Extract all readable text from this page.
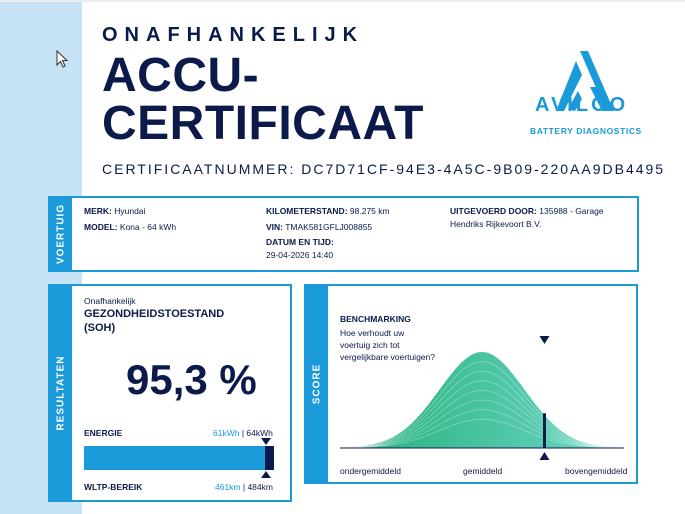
ONAFHANKELIJK
ACCU-
CERTIFICAAT
CERTIFICAATNUMMER: DC7D71CF-94E3-4A5C-9B09-220AA9DB4495
AVILOO
BATTERY DIAGNOSTICS
VOERTUIG MERK: Hyundai
MODEL: Kona - 64 kWh
KILOMETERSTAND: 98.275 km
VIN: TMAK581GFLJ008855
DATUM EN TIJD:
29-04-2026 14:40
UITGEVOERD DOOR: 135988 - Garage
Hendriks Rijkevoort B.V.
RESULTATEN
Onafhankelijk
GEZONDHEIDSTOESTAND
(SOH)
95,3 %
ENERGIE	61kWh | 64kWh
WLTP-BEREIK	461km | 484km
SCORE
BENCHMARKING
Hoe verhoudt uw
voertuig zich tot
vergelijkbare voertuigen?
ondergemiddeld	gemiddeld	bovengemiddeld
